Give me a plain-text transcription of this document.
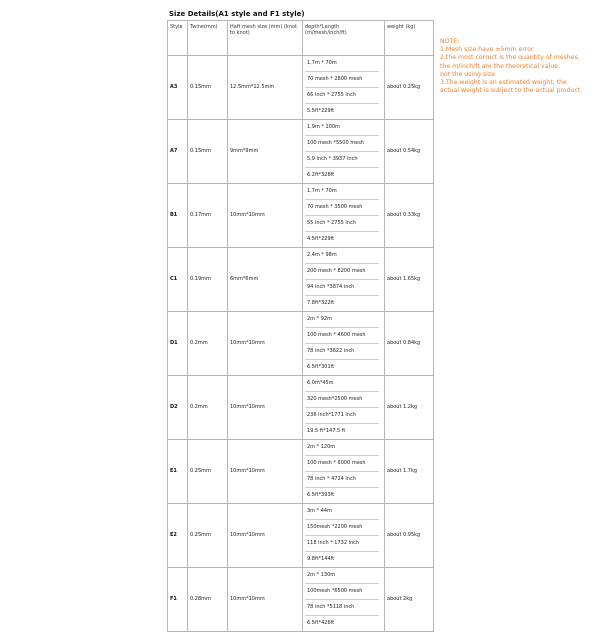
Size Details(A1 style and F1 style)
Style	Twine(mm)	Haft mesh size (mm) (knot to knot)	depth*Length (m/mesh/inch/ft)	weight (kg)
A3	0.15mm	12.5mm*12.5mm	1.7m * 70m
70 mesh * 2800 mesh
66 inch * 2755 inch
5.5ft*229ft	about 0.25kg
A7	0.15mm	9mm*9mm	1.9m * 100m
100 mesh *5500 mesh
5.9 inch * 3937 inch
6.2ft*328ft	about 0.54kg
B1	0.17mm	10mm*10mm	1.7m * 70m
70 mesh * 3500 mesh
55 inch * 2755 inch
4.5ft*229ft	about 0.33kg
C1	0.19mm	6mm*6mm	2.4m * 98m
200 mesh * 8200 mesh
94 inch *3874 inch
7.8ft*322ft	about 1.65kg
D1	0.2mm	10mm*10mm	2m * 92m
100 mesh * 4600 mesh
78 inch *3622 inch
6.5ft*301ft	about 0.84kg
D2	0.2mm	10mm*10mm	6.0m*45m
320 mesh*2500 mesh
236 inch*1771 inch
19.5 ft*147.5 ft	about 1.2kg
E1	0.25mm	10mm*10mm	2m * 120m
100 mesh * 6000 mesh
78 inch * 4724 inch
6.5ft*393ft	about 1.7kg
E2	0.25mm	10mm*10mm	3m * 44m
150mesh *2200 mesh
118 inch * 1732 inch
9.8ft*144ft	about 0.95kg
F1	0.28mm	10mm*10mm	2m * 130m
100mesh *6500 mesh
78 inch *5118 inch
6.5ft*426ft	about 2kg
NOTE:
1.Mesh size:have ±5mm error
2.the most correct is the quantity of meshes,
the m/inch/ft are the theoretical value,
not the using size
3.The weight is an estimated weight, the
actual weight is subject to the actual product
